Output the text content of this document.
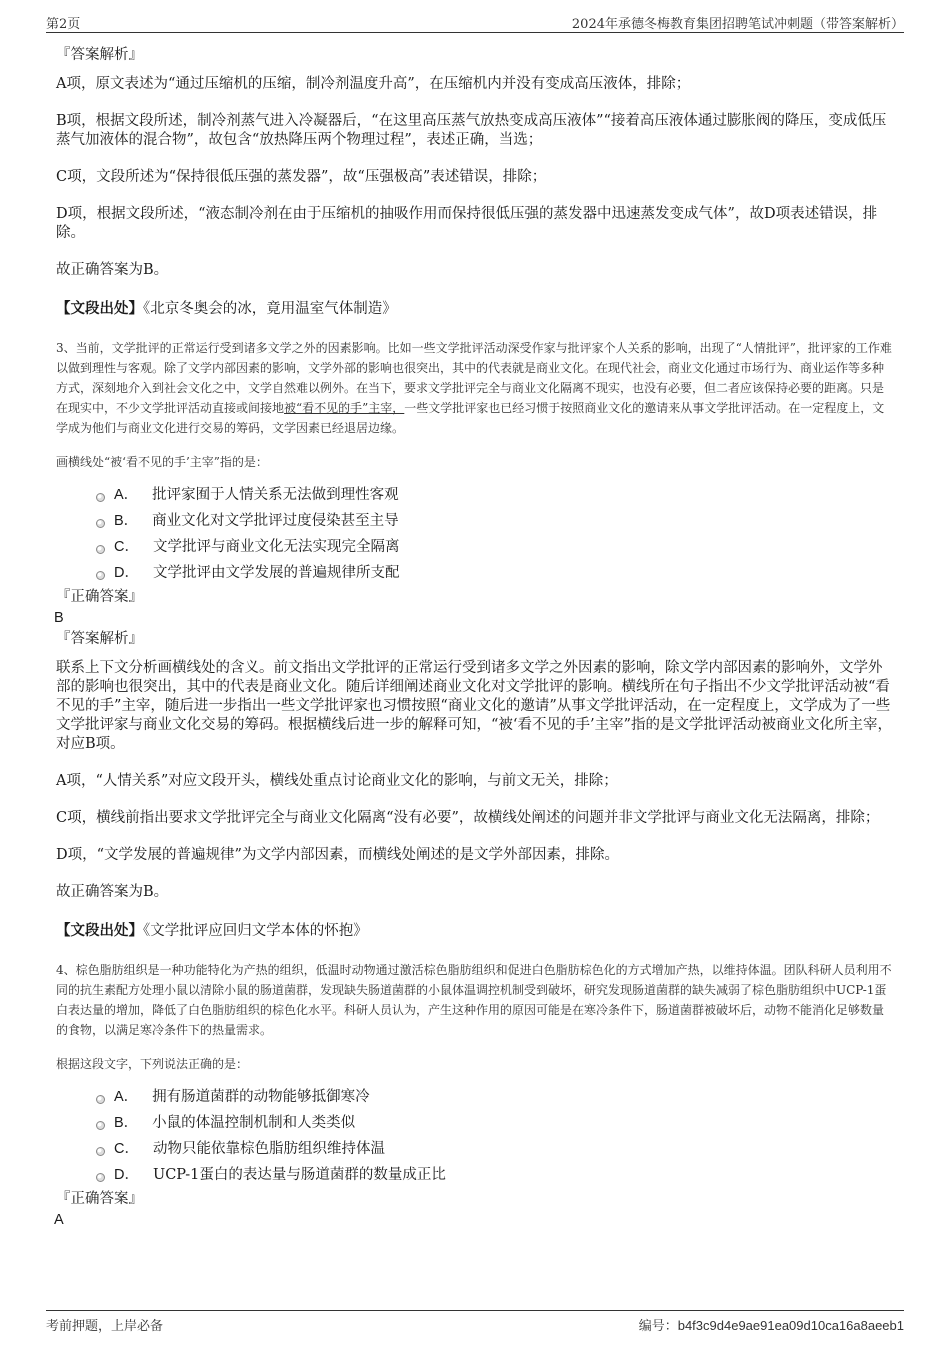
第2页	2024年承德冬梅教育集团招聘笔试冲刺题（带答案解析）

『答案解析』

A项，原文表述为“通过压缩机的压缩，制冷剂温度升高”，在压缩机内并没有变成高压液体，排除；

B项，根据文段所述，制冷剂蒸气进入冷凝器后，“在这里高压蒸气放热变成高压液体”“接着高压液体通过膨胀阀的降压，变成低压蒸气加液体的混合物”，故包含“放热降压两个物理过程”，表述正确，当选；

C项，文段所述为“保持很低压强的蒸发器”，故“压强极高”表述错误，排除；

D项，根据文段所述，“液态制冷剂在由于压缩机的抽吸作用而保持很低压强的蒸发器中迅速蒸发变成气体”，故D项表述错误，排除。

故正确答案为B。

【文段出处】《北京冬奥会的冰，竟用温室气体制造》

3、当前，文学批评的正常运行受到诸多文学之外的因素影响。比如一些文学批评活动深受作家与批评家个人关系的影响，出现了“人情批评”，批评家的工作难以做到理性与客观。除了文学内部因素的影响，文学外部的影响也很突出，其中的代表就是商业文化。在现代社会，商业文化通过市场行为、商业运作等多种方式，深刻地介入到社会文化之中，文学自然难以例外。在当下，要求文学批评完全与商业文化隔离不现实，也没有必要，但二者应该保持必要的距离。只是在现实中，不少文学批评活动直接或间接地被“看不见的手”主宰，一些文学批评家也已经习惯于按照商业文化的邀请来从事文学批评活动。在一定程度上，文学成为他们与商业文化进行交易的筹码，文学因素已经退居边缘。

画横线处“被‘看不见的手’主宰”指的是：

A． 批评家囿于人情关系无法做到理性客观
B． 商业文化对文学批评过度侵染甚至主导
C． 文学批评与商业文化无法实现完全隔离
D． 文学批评由文学发展的普遍规律所支配

『正确答案』

B

『答案解析』

联系上下文分析画横线处的含义。前文指出文学批评的正常运行受到诸多文学之外因素的影响，除文学内部因素的影响外，文学外部的影响也很突出，其中的代表是商业文化。随后详细阐述商业文化对文学批评的影响。横线所在句子指出不少文学批评活动被“看不见的手”主宰，随后进一步指出一些文学批评家也习惯按照“商业文化的邀请”从事文学批评活动，在一定程度上，文学成为了一些文学批评家与商业文化交易的筹码。根据横线后进一步的解释可知，“被‘看不见的手’主宰”指的是文学批评活动被商业文化所主宰，对应B项。

A项，“人情关系”对应文段开头，横线处重点讨论商业文化的影响，与前文无关，排除；

C项，横线前指出要求文学批评完全与商业文化隔离“没有必要”，故横线处阐述的问题并非文学批评与商业文化无法隔离，排除；

D项，“文学发展的普遍规律”为文学内部因素，而横线处阐述的是文学外部因素，排除。

故正确答案为B。

【文段出处】《文学批评应回归文学本体的怀抱》

4、棕色脂肪组织是一种功能特化为产热的组织，低温时动物通过激活棕色脂肪组织和促进白色脂肪棕色化的方式增加产热，以维持体温。团队科研人员利用不同的抗生素配方处理小鼠以清除小鼠的肠道菌群，发现缺失肠道菌群的小鼠体温调控机制受到破坏，研究发现肠道菌群的缺失减弱了棕色脂肪组织中UCP-1蛋白表达量的增加，降低了白色脂肪组织的棕色化水平。科研人员认为，产生这种作用的原因可能是在寒冷条件下，肠道菌群被破坏后，动物不能消化足够数量的食物，以满足寒冷条件下的热量需求。

根据这段文字，下列说法正确的是：

A． 拥有肠道菌群的动物能够抵御寒冷
B． 小鼠的体温控制机制和人类类似
C． 动物只能依靠棕色脂肪组织维持体温
D． UCP-1蛋白的表达量与肠道菌群的数量成正比

『正确答案』

A

考前押题，上岸必备	编号：b4f3c9d4e9ae91ea09d10ca16a8aeeb1
